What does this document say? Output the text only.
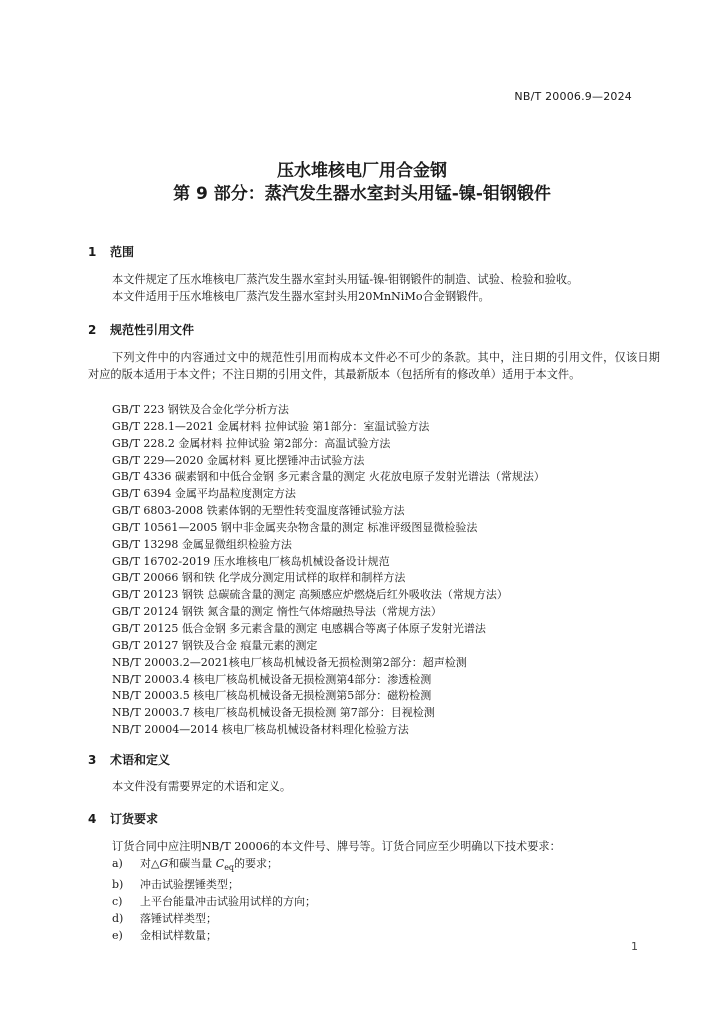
NB/T 20006.9—2024
压水堆核电厂用合金钢
第 9 部分：蒸汽发生器水室封头用锰-镍-钼钢锻件
1 范围

本文件规定了压水堆核电厂蒸汽发生器水室封头用锰-镍-钼钢锻件的制造、试验、检验和验收。

本文件适用于压水堆核电厂蒸汽发生器水室封头用20MnNiMo合金钢锻件。

2 规范性引用文件

下列文件中的内容通过文中的规范性引用而构成本文件必不可少的条款。其中，注日期的引用文件，仅该日期对应的版本适用于本文件；不注日期的引用文件，其最新版本（包括所有的修改单）适用于本文件。

GB/T 223 钢铁及合金化学分析方法
GB/T 228.1—2021 金属材料 拉伸试验 第1部分：室温试验方法
GB/T 228.2 金属材料 拉伸试验 第2部分：高温试验方法
GB/T 229—2020 金属材料 夏比摆锤冲击试验方法
GB/T 4336 碳素钢和中低合金钢 多元素含量的测定 火花放电原子发射光谱法（常规法）
GB/T 6394 金属平均晶粒度测定方法
GB/T 6803-2008 铁素体钢的无塑性转变温度落锤试验方法
GB/T 10561—2005 钢中非金属夹杂物含量的测定 标准评级图显微检验法
GB/T 13298 金属显微组织检验方法
GB/T 16702-2019 压水堆核电厂核岛机械设备设计规范
GB/T 20066 钢和铁 化学成分测定用试样的取样和制样方法
GB/T 20123 钢铁 总碳硫含量的测定 高频感应炉燃烧后红外吸收法（常规方法）
GB/T 20124 钢铁 氮含量的测定 惰性气体熔融热导法（常规方法）
GB/T 20125 低合金钢 多元素含量的测定 电感耦合等离子体原子发射光谱法
GB/T 20127 钢铁及合金 痕量元素的测定
NB/T 20003.2—2021核电厂核岛机械设备无损检测第2部分：超声检测
NB/T 20003.4 核电厂核岛机械设备无损检测第4部分：渗透检测
NB/T 20003.5 核电厂核岛机械设备无损检测第5部分：磁粉检测
NB/T 20003.7 核电厂核岛机械设备无损检测 第7部分：目视检测
NB/T 20004—2014 核电厂核岛机械设备材料理化检验方法
3 术语和定义

本文件没有需要界定的术语和定义。

4 订货要求

订货合同中应注明NB/T 20006的本文件号、牌号等。订货合同应至少明确以下技术要求：

a) 对△G和碳当量 $C_{eq}$的要求；
b) 冲击试验摆锤类型；
c) 上平台能量冲击试验用试样的方向；
d) 落锤试样类型；
e) 金相试样数量；
1
